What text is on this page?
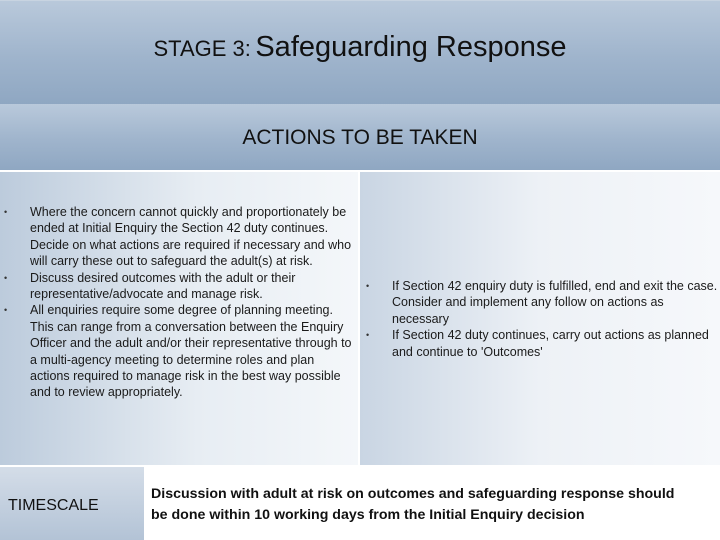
STAGE 3: Safeguarding Response
ACTIONS TO BE TAKEN
• Where the concern cannot quickly and proportionately be ended at Initial Enquiry the Section 42 duty continues. Decide on what actions are required if necessary and who will carry these out to safeguard the adult(s) at risk.
• Discuss desired outcomes with the adult or their representative/advocate and manage risk.
• All enquiries require some degree of planning meeting. This can range from a conversation between the Enquiry Officer and the adult and/or their representative through to a multi-agency meeting to determine roles and plan actions required to manage risk in the best way possible and to review appropriately.
• If Section 42 enquiry duty is fulfilled, end and exit the case. Consider and implement any follow on actions as necessary
• If Section 42 duty continues, carry out actions as planned and continue to 'Outcomes'
TIMESCALE
Discussion with adult at risk on outcomes and safeguarding response should
be done within 10 working days from the Initial Enquiry decision
